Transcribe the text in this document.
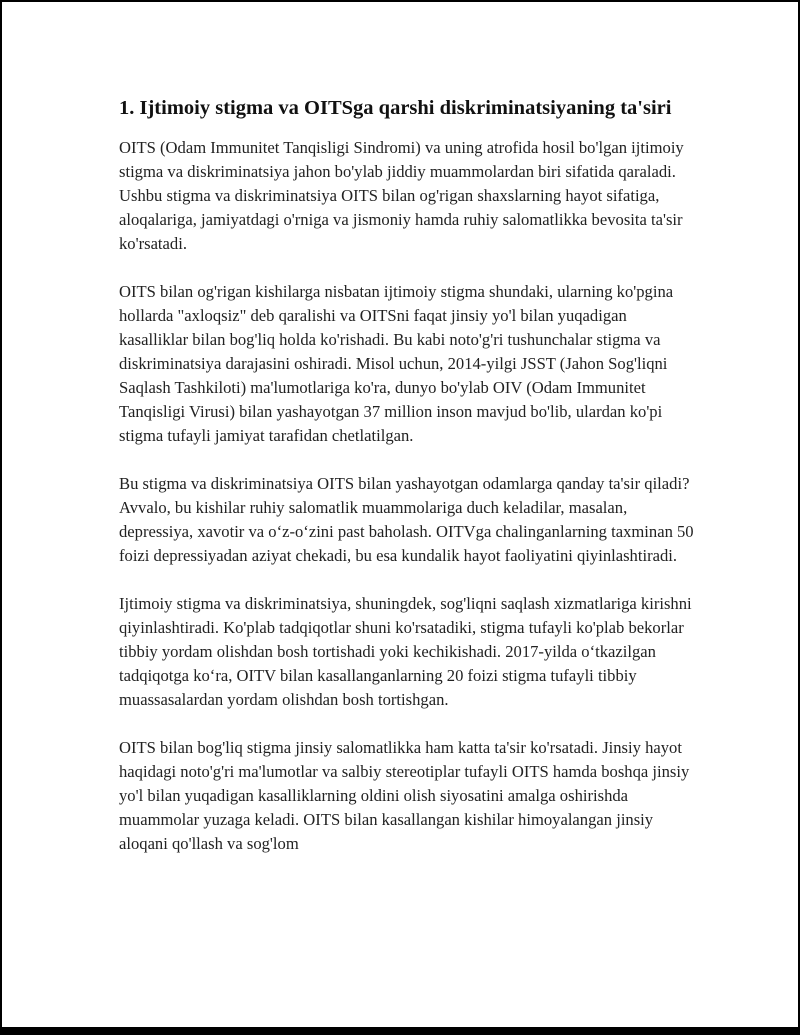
1. Ijtimoiy stigma va OITSga qarshi diskriminatsiyaning ta'siri

OITS (Odam Immunitet Tanqisligi Sindromi) va uning atrofida hosil bo'lgan ijtimoiy stigma va diskriminatsiya jahon bo'ylab jiddiy muammolardan biri sifatida qaraladi. Ushbu stigma va diskriminatsiya OITS bilan og'rigan shaxslarning hayot sifatiga, aloqalariga, jamiyatdagi o'rniga va jismoniy hamda ruhiy salomatlikka bevosita ta'sir ko'rsatadi.

OITS bilan og'rigan kishilarga nisbatan ijtimoiy stigma shundaki, ularning ko'pgina hollarda "axloqsiz" deb qaralishi va OITSni faqat jinsiy yo'l bilan yuqadigan kasalliklar bilan bog'liq holda ko'rishadi. Bu kabi noto'g'ri tushunchalar stigma va diskriminatsiya darajasini oshiradi. Misol uchun, 2014-yilgi JSST (Jahon Sog'liqni Saqlash Tashkiloti) ma'lumotlariga ko'ra, dunyo bo'ylab OIV (Odam Immunitet Tanqisligi Virusi) bilan yashayotgan 37 million inson mavjud bo'lib, ulardan ko'pi stigma tufayli jamiyat tarafidan chetlatilgan.

Bu stigma va diskriminatsiya OITS bilan yashayotgan odamlarga qanday ta'sir qiladi? Avvalo, bu kishilar ruhiy salomatlik muammolariga duch keladilar, masalan, depressiya, xavotir va o‘z-o‘zini past baholash. OITVga chalinganlarning taxminan 50 foizi depressiyadan aziyat chekadi, bu esa kundalik hayot faoliyatini qiyinlashtiradi.

Ijtimoiy stigma va diskriminatsiya, shuningdek, sog'liqni saqlash xizmatlariga kirishni qiyinlashtiradi. Ko'plab tadqiqotlar shuni ko'rsatadiki, stigma tufayli ko'plab bekorlar tibbiy yordam olishdan bosh tortishadi yoki kechikishadi. 2017-yilda o‘tkazilgan tadqiqotga ko‘ra, OITV bilan kasallanganlarning 20 foizi stigma tufayli tibbiy muassasalardan yordam olishdan bosh tortishgan.

OITS bilan bog'liq stigma jinsiy salomatlikka ham katta ta'sir ko'rsatadi. Jinsiy hayot haqidagi noto'g'ri ma'lumotlar va salbiy stereotiplar tufayli OITS hamda boshqa jinsiy yo'l bilan yuqadigan kasalliklarning oldini olish siyosatini amalga oshirishda muammolar yuzaga keladi. OITS bilan kasallangan kishilar himoyalangan jinsiy aloqani qo'llash va sog'lom
